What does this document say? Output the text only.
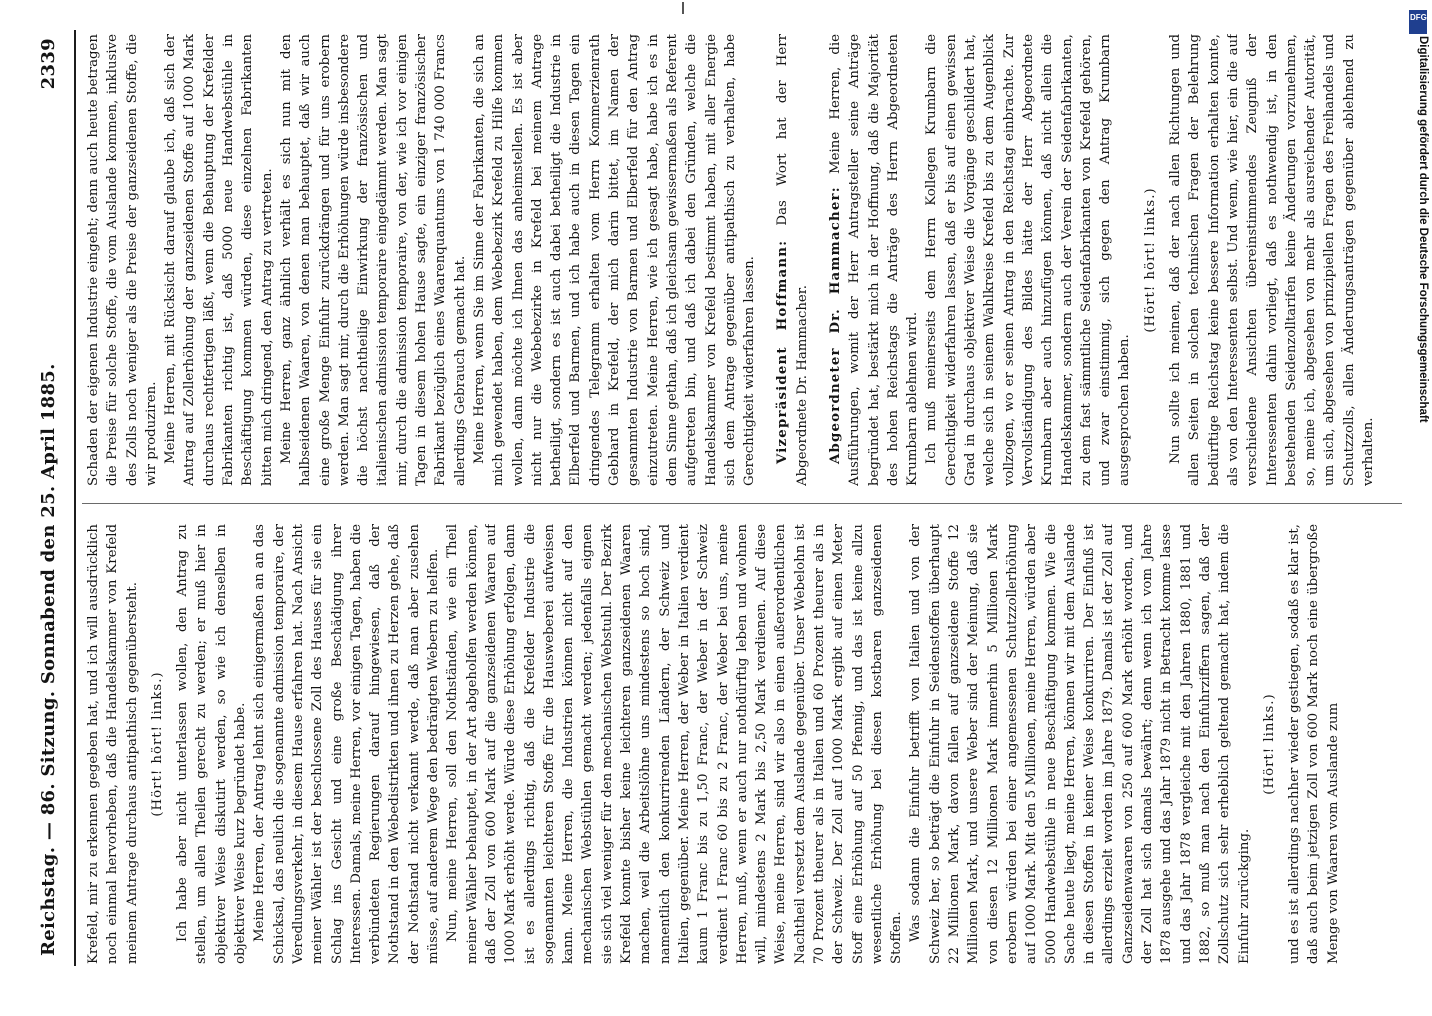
Reichstag. — 86. Sitzung. Sonnabend den 25. April 1885.
2339

Krefeld, mir zu erkennen gegeben hat, und ich will ausdrücklich noch einmal hervorheben, daß die Handelskammer von Krefeld meinem Antrage durchaus antipathisch gegenübersteht. (Hört! hört! links.) Ich habe aber nicht unterlassen wollen, den Antrag zu stellen, um allen Theilen gerecht zu werden; er muß hier in objektiver Weise diskutirt werden, so wie ich denselben in objektiver Weise kurz begründet habe. Meine Herren, der Antrag lehnt sich einigermaßen an an das Schicksal, das neulich die sogenannte admission temporaire, der Veredlungsverkehr, in diesem Hause erfahren hat. Nach Ansicht meiner Wähler ist der beschlossene Zoll des Hauses für sie ein Schlag ins Gesicht und eine große Beschädigung ihrer Interessen. Damals, meine Herren, vor einigen Tagen, haben die verbündeten Regierungen darauf hingewiesen, daß der Nothstand in den Webedistrikten und ihnen zu Herzen gehe, daß der Nothstand nicht verkannt werde, daß man aber zusehen müsse, auf anderem Wege den bedrängten Webern zu helfen. Nun, meine Herren, soll den Nothständen, wie ein Theil meiner Wähler behauptet, in der Art abgeholfen werden können, daß der Zoll von 600 Mark auf die ganzseidenen Waaren auf 1000 Mark erhöht werde. Würde diese Erhöhung erfolgen, dann ist es allerdings richtig, daß die Krefelder Industrie die sogenannten leichteren Stoffe für die Hausweberei aufweisen kann. Meine Herren, die Industrien können nicht auf den mechanischen Webstühlen gemacht werden; jedenfalls eignen sie sich viel weniger für den mechanischen Webstuhl. Der Bezirk Krefeld konnte bisher keine leichteren ganzseidenen Waaren machen, weil die Arbeitslöhne uns mindestens so hoch sind, namentlich den konkurrirenden Ländern, der Schweiz und Italien, gegenüber. Meine Herren, der Weber in Italien verdient kaum 1 Franc bis zu 1,50 Franc, der Weber in der Schweiz verdient 1 Franc 60 bis zu 2 Franc, der Weber bei uns, meine Herren, muß, wenn er auch nur nothdürftig leben und wohnen will, mindestens 2 Mark bis 2,50 Mark verdienen. Auf diese Weise, meine Herren, sind wir also in einen außerordentlichen Nachtheil versetzt dem Auslande gegenüber. Unser Webelohn ist 70 Prozent theurer als in Italien und 60 Prozent theurer als in der Schweiz. Der Zoll auf 1000 Mark ergibt auf einen Meter Stoff eine Erhöhung auf 50 Pfennig, und das ist keine allzu wesentliche Erhöhung bei diesen kostbaren ganzseidenen Stoffen. Was sodann die Einfuhr betrifft von Italien und von der Schweiz her, so beträgt die Einfuhr in Seidenstoffen überhaupt 22 Millionen Mark, davon fallen auf ganzseidene Stoffe 12 Millionen Mark, und unsere Weber sind der Meinung, daß sie von diesen 12 Millionen Mark immerhin 5 Millionen Mark erobern würden bei einer angemessenen Schutzzollerhöhung auf 1000 Mark. Mit den 5 Millionen, meine Herren, würden aber 5000 Handwebstühle in neue Beschäftigung kommen. Wie die Sache heute liegt, meine Herren, können wir mit dem Auslande in diesen Stoffen in keiner Weise konkurriren. Der Einfluß ist allerdings erzielt worden im Jahre 1879. Damals ist der Zoll auf Ganzseidenwaaren von 250 auf 600 Mark erhöht worden, und der Zoll hat sich damals bewährt; denn wenn ich vom Jahre 1878 ausgehe und das Jahr 1879 nicht in Betracht komme lasse und das Jahr 1878 vergleiche mit den Jahren 1880, 1881 und 1882, so muß man nach den Einfuhrziffern sagen, daß der Zollschutz sich sehr erheblich geltend gemacht hat, indem die Einfuhr zurückging.

(Hört! links.) und es ist allerdings nachher wieder gestiegen, sodaß es klar ist, daß auch beim jetzigen Zoll von 600 Mark noch eine übergroße Menge von Waaren vom Auslande zum

Schaden der eigenen Industrie eingeht; denn auch heute betragen die Preise für solche Stoffe, die vom Auslande kommen, inklusive des Zolls noch weniger als die Preise der ganzseidenen Stoffe, die wir produziren. Meine Herren, mit Rücksicht darauf glaube ich, daß sich der Antrag auf Zollerhöhung der ganzseidenen Stoffe auf 1000 Mark durchaus rechtfertigen läßt, wenn die Behauptung der Krefelder Fabrikanten richtig ist, daß 5000 neue Handwebstühle in Beschäftigung kommen würden, diese einzelnen Fabrikanten bitten mich dringend, den Antrag zu vertreten. Meine Herren, ganz ähnlich verhält es sich nun mit den halbseidenen Waaren, von denen man behauptet, daß wir auch eine große Menge Einfuhr zurückdrängen und für uns erobern werden. Man sagt mir, durch die Erhöhungen würde insbesondere die höchst nachtheilige Einwirkung der französischen und italienischen admission temporaire eingedämmt werden. Man sagt mir, durch die admission temporaire, von der, wie ich vor einigen Tagen in diesem hohen Hause sagte, ein einziger französischer Fabrikant bezüglich eines Waarenquantums von 1 740 000 Francs allerdings Gebrauch gemacht hat. Meine Herren, wenn Sie im Sinne der Fabrikanten, die sich an mich gewendet haben, dem Webebezirk Krefeld zu Hilfe kommen wollen, dann möchte ich Ihnen das anheimstellen. Es ist aber nicht nur die Webebezirke in Krefeld bei meinem Antrage betheiligt, sondern es ist auch dabei betheiligt die Industrie in Elberfeld und Barmen, und ich habe auch in diesen Tagen ein dringendes Telegramm erhalten vom Herrn Kommerzienrath Gebhard in Krefeld, der mich darin bittet, im Namen der gesammten Industrie von Barmen und Elberfeld für den Antrag einzutreten. Meine Herren, wie ich gesagt habe, habe ich es in dem Sinne gethan, daß ich gleichsam gewissermaßen als Referent aufgetreten bin, und daß ich dabei den Gründen, welche die Handelskammer von Krefeld bestimmt haben, mit aller Energie sich dem Antrage gegenüber antipathisch zu verhalten, habe Gerechtigkeit widerfahren lassen. Vizepräsident Hoffmann: Das Wort hat der Herr Abgeordnete Dr. Hammacher. Abgeordneter Dr. Hammacher: Meine Herren, die Ausführungen, womit der Herr Antragsteller seine Anträge begründet hat, bestärkt mich in der Hoffnung, daß die Majorität des hohen Reichstags die Anträge des Herrn Abgeordneten Krumbarn ablehnen wird. Ich muß meinerseits dem Herrn Kollegen Krumbarn die Gerechtigkeit widerfahren lassen, daß er bis auf einen gewissen Grad in durchaus objektiver Weise die Vorgänge geschildert hat, welche sich in seinem Wahlkreise Krefeld bis zu dem Augenblick vollzogen, wo er seinen Antrag in den Reichstag einbrachte. Zur Vervollständigung des Bildes hätte der Herr Abgeordnete Krumbarn aber auch hinzufügen können, daß nicht allein die Handelskammer, sondern auch der Verein der Seidenfabrikanten, zu dem fast sämmtliche Seidenfabrikanten von Krefeld gehören, und zwar einstimmig, sich gegen den Antrag Krumbarn ausgesprochen haben.

(Hört! hört! links.) Nun sollte ich meinen, daß der nach allen Richtungen und allen Seiten in solchen technischen Fragen der Belehrung bedürftige Reichstag keine bessere Information erhalten konnte, als von den Interessenten selbst. Und wenn, wie hier, ein die auf verschiedene Ansichten übereinstimmendes Zeugniß der Interessenten dahin vorliegt, daß es nothwendig ist, in den bestehenden Seidenzolltarifen keine Änderungen vorzunehmen, so, meine ich, abgesehen von mehr als ausreichender Autorität, um sich, abgesehen von prinzipiellen Fragen des Freihandels und Schutzzolls, allen Änderungsanträgen gegenüber ablehnend zu verhalten.

DFG
Digitalisierung gefördert durch die Deutsche Forschungsgemeinschaft
